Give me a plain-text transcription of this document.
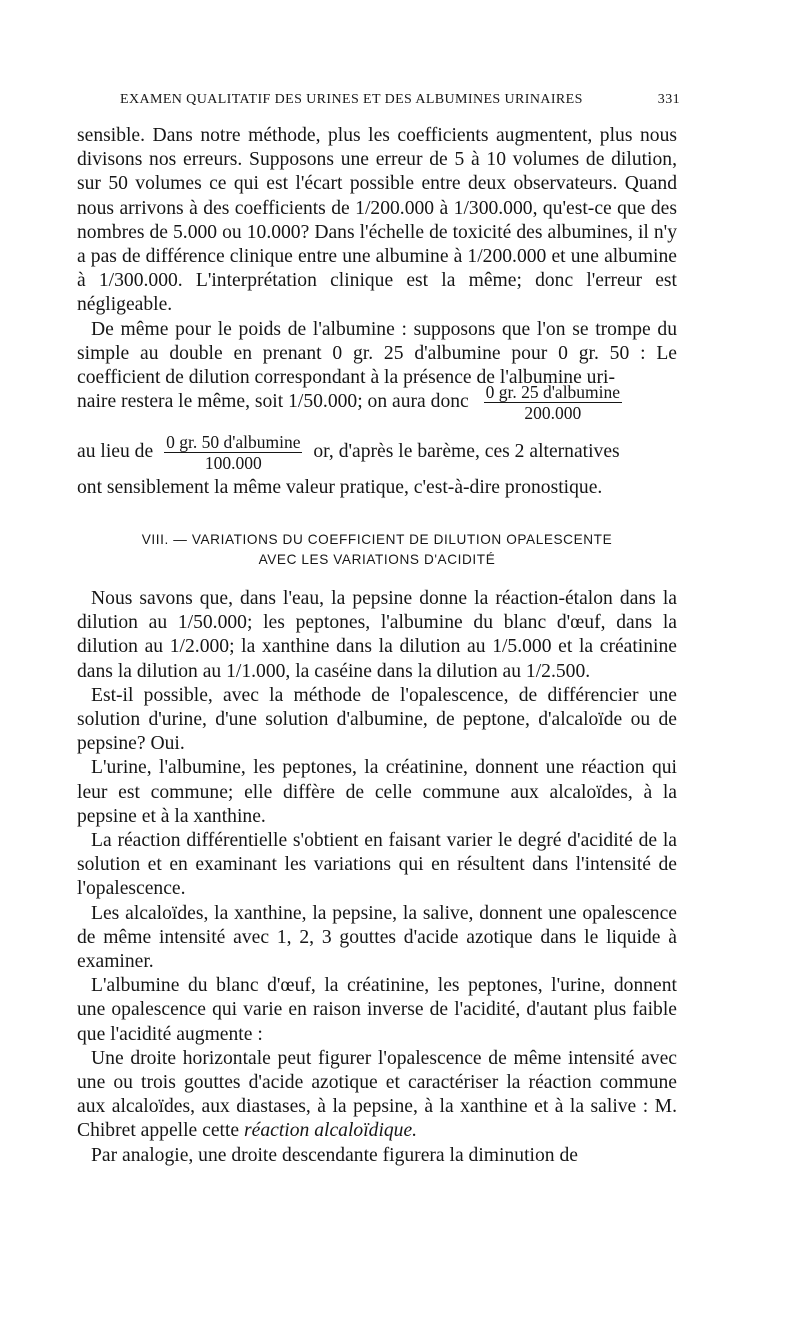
EXAMEN QUALITATIF DES URINES ET DES ALBUMINES URINAIRES	331

sensible. Dans notre méthode, plus les coefficients augmentent, plus nous divisons nos erreurs. Supposons une erreur de 5 à 10 volumes de dilution, sur 50 volumes ce qui est l'écart possible entre deux observateurs. Quand nous arrivons à des coefficients de 1/200.000 à 1/300.000, qu'est-ce que des nombres de 5.000 ou 10.000? Dans l'échelle de toxicité des albumines, il n'y a pas de différence clinique entre une albumine à 1/200.000 et une albumine à 1/300.000. L'interprétation clinique est la même; donc l'erreur est négligeable.

De même pour le poids de l'albumine : supposons que l'on se trompe du simple au double en prenant 0 gr. 25 d'albumine pour 0 gr. 50 : Le coefficient de dilution correspondant à la présence de l'albumine uri-

naire restera le même, soit 1/50.000; on aura donc $\frac{\text{0 gr. 25 d'albumine}}{200.000}$
au lieu de $\frac{\text{0 gr. 50 d'albumine}}{100.000}$ or, d'après le barème, ces 2 alternatives

ont sensiblement la même valeur pratique, c'est-à-dire pronostique.

VIII. — VARIATIONS DU COEFFICIENT DE DILUTION OPALESCENTE
AVEC LES VARIATIONS D'ACIDITÉ

Nous savons que, dans l'eau, la pepsine donne la réaction-étalon dans la dilution au 1/50.000; les peptones, l'albumine du blanc d'œuf, dans la dilution au 1/2.000; la xanthine dans la dilution au 1/5.000 et la créatinine dans la dilution au 1/1.000, la caséine dans la dilution au 1/2.500.

Est-il possible, avec la méthode de l'opalescence, de différencier une solution d'urine, d'une solution d'albumine, de peptone, d'alcaloïde ou de pepsine? Oui.

L'urine, l'albumine, les peptones, la créatinine, donnent une réaction qui leur est commune; elle diffère de celle commune aux alcaloïdes, à la pepsine et à la xanthine.

La réaction différentielle s'obtient en faisant varier le degré d'acidité de la solution et en examinant les variations qui en résultent dans l'intensité de l'opalescence.

Les alcaloïdes, la xanthine, la pepsine, la salive, donnent une opalescence de même intensité avec 1, 2, 3 gouttes d'acide azotique dans le liquide à examiner.

L'albumine du blanc d'œuf, la créatinine, les peptones, l'urine, donnent une opalescence qui varie en raison inverse de l'acidité, d'autant plus faible que l'acidité augmente :

Une droite horizontale peut figurer l'opalescence de même intensité avec une ou trois gouttes d'acide azotique et caractériser la réaction commune aux alcaloïdes, aux diastases, à la pepsine, à la xanthine et à la salive : M. Chibret appelle cette réaction alcaloïdique.

Par analogie, une droite descendante figurera la diminution de
